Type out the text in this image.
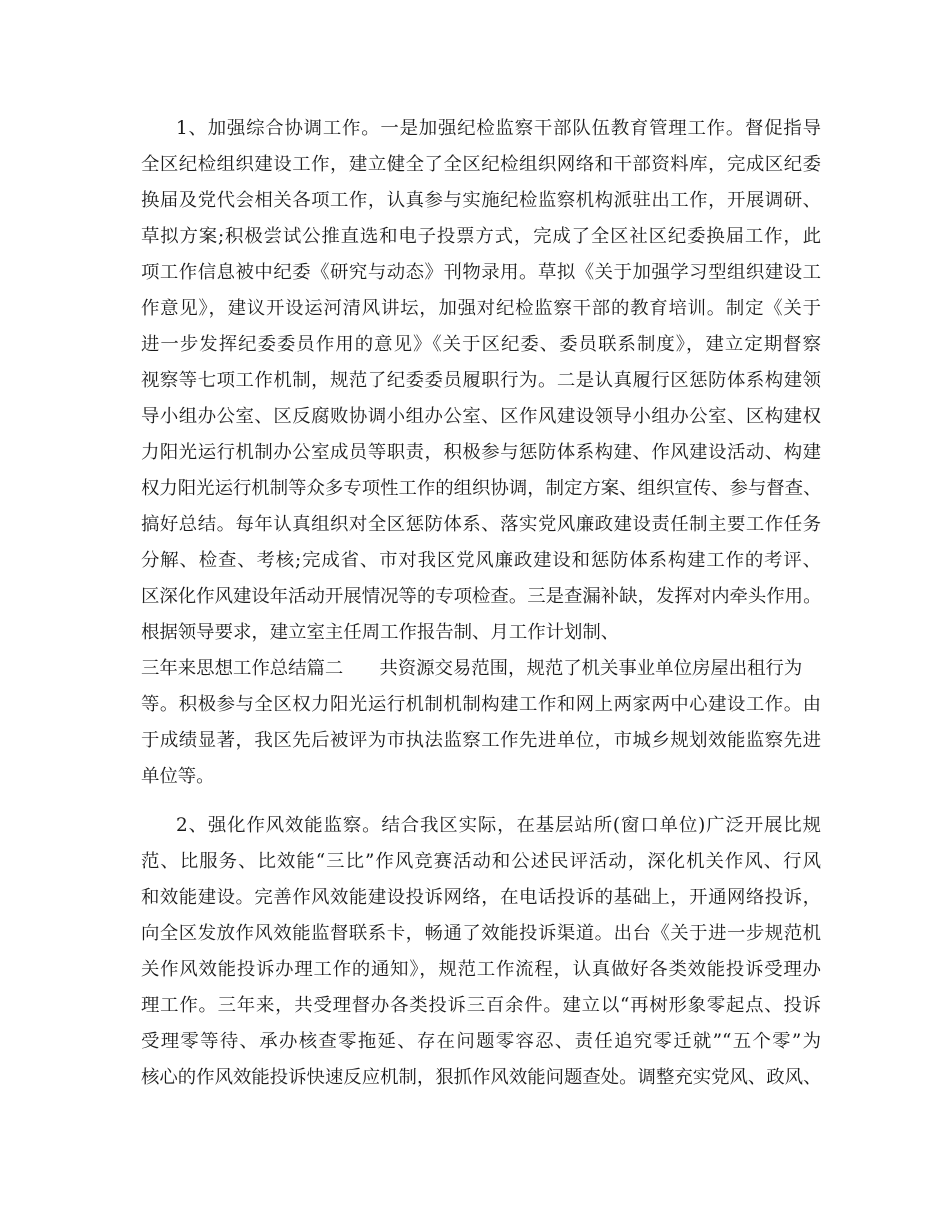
1、加强综合协调工作。一是加强纪检监察干部队伍教育管理工作。督促指导
全区纪检组织建设工作，建立健全了全区纪检组织网络和干部资料库，完成区纪委
换届及党代会相关各项工作，认真参与实施纪检监察机构派驻出工作，开展调研、
草拟方案;积极尝试公推直选和电子投票方式，完成了全区社区纪委换届工作，此
项工作信息被中纪委《研究与动态》刊物录用。草拟《关于加强学习型组织建设工
作意见》，建议开设运河清风讲坛，加强对纪检监察干部的教育培训。制定《关于
进一步发挥纪委委员作用的意见》《关于区纪委、委员联系制度》，建立定期督察
视察等七项工作机制，规范了纪委委员履职行为。二是认真履行区惩防体系构建领
导小组办公室、区反腐败协调小组办公室、区作风建设领导小组办公室、区构建权
力阳光运行机制办公室成员等职责，积极参与惩防体系构建、作风建设活动、构建
权力阳光运行机制等众多专项性工作的组织协调，制定方案、组织宣传、参与督查、
搞好总结。每年认真组织对全区惩防体系、落实党风廉政建设责任制主要工作任务
分解、检查、考核;完成省、市对我区党风廉政建设和惩防体系构建工作的考评、
区深化作风建设年活动开展情况等的专项检查。三是查漏补缺，发挥对内牵头作用。
根据领导要求，建立室主任周工作报告制、月工作计划制、
三年来思想工作总结篇二 共资源交易范围，规范了机关事业单位房屋出租行为
等。积极参与全区权力阳光运行机制机制构建工作和网上两家两中心建设工作。由
于成绩显著，我区先后被评为市执法监察工作先进单位，市城乡规划效能监察先进
单位等。
2、强化作风效能监察。结合我区实际，在基层站所(窗口单位)广泛开展比规
范、比服务、比效能“三比”作风竞赛活动和公述民评活动，深化机关作风、行风
和效能建设。完善作风效能建设投诉网络，在电话投诉的基础上，开通网络投诉，
向全区发放作风效能监督联系卡，畅通了效能投诉渠道。出台《关于进一步规范机
关作风效能投诉办理工作的通知》，规范工作流程，认真做好各类效能投诉受理办
理工作。三年来，共受理督办各类投诉三百余件。建立以“再树形象零起点、投诉
受理零等待、承办核查零拖延、存在问题零容忍、责任追究零迁就”“五个零”为
核心的作风效能投诉快速反应机制，狠抓作风效能问题查处。调整充实党风、政风、
